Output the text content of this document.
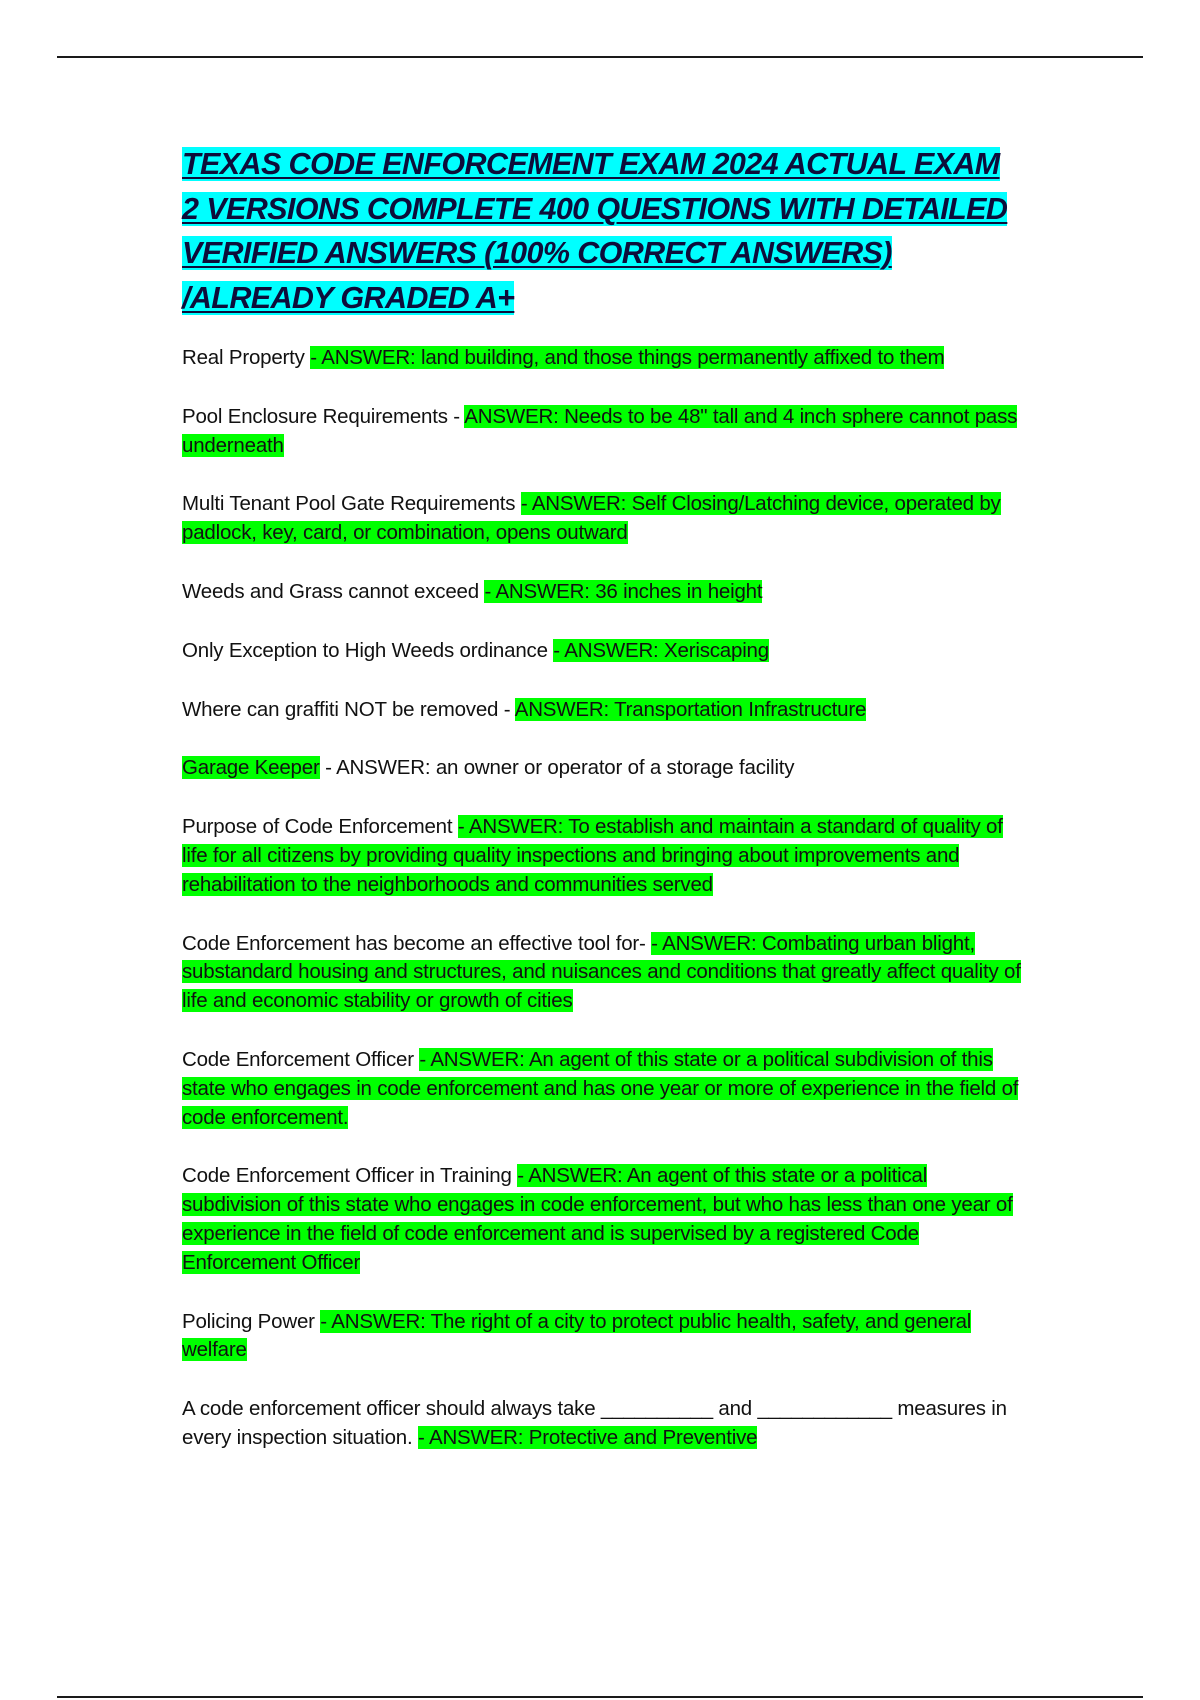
TEXAS CODE ENFORCEMENT EXAM 2024 ACTUAL EXAM 2 VERSIONS COMPLETE 400 QUESTIONS WITH DETAILED VERIFIED ANSWERS (100% CORRECT ANSWERS) /ALREADY GRADED A+

Real Property - ANSWER: land building, and those things permanently affixed to them

Pool Enclosure Requirements - ANSWER: Needs to be 48" tall and 4 inch sphere cannot pass underneath

Multi Tenant Pool Gate Requirements - ANSWER: Self Closing/Latching device, operated by padlock, key, card, or combination, opens outward

Weeds and Grass cannot exceed - ANSWER: 36 inches in height

Only Exception to High Weeds ordinance - ANSWER: Xeriscaping

Where can graffiti NOT be removed - ANSWER: Transportation Infrastructure

Garage Keeper - ANSWER: an owner or operator of a storage facility

Purpose of Code Enforcement - ANSWER: To establish and maintain a standard of quality of life for all citizens by providing quality inspections and bringing about improvements and rehabilitation to the neighborhoods and communities served

Code Enforcement has become an effective tool for- - ANSWER: Combating urban blight, substandard housing and structures, and nuisances and conditions that greatly affect quality of life and economic stability or growth of cities

Code Enforcement Officer - ANSWER: An agent of this state or a political subdivision of this state who engages in code enforcement and has one year or more of experience in the field of code enforcement.

Code Enforcement Officer in Training - ANSWER: An agent of this state or a political subdivision of this state who engages in code enforcement, but who has less than one year of experience in the field of code enforcement and is supervised by a registered Code Enforcement Officer

Policing Power - ANSWER: The right of a city to protect public health, safety, and general welfare

A code enforcement officer should always take __________ and ____________ measures in every inspection situation. - ANSWER: Protective and Preventive
